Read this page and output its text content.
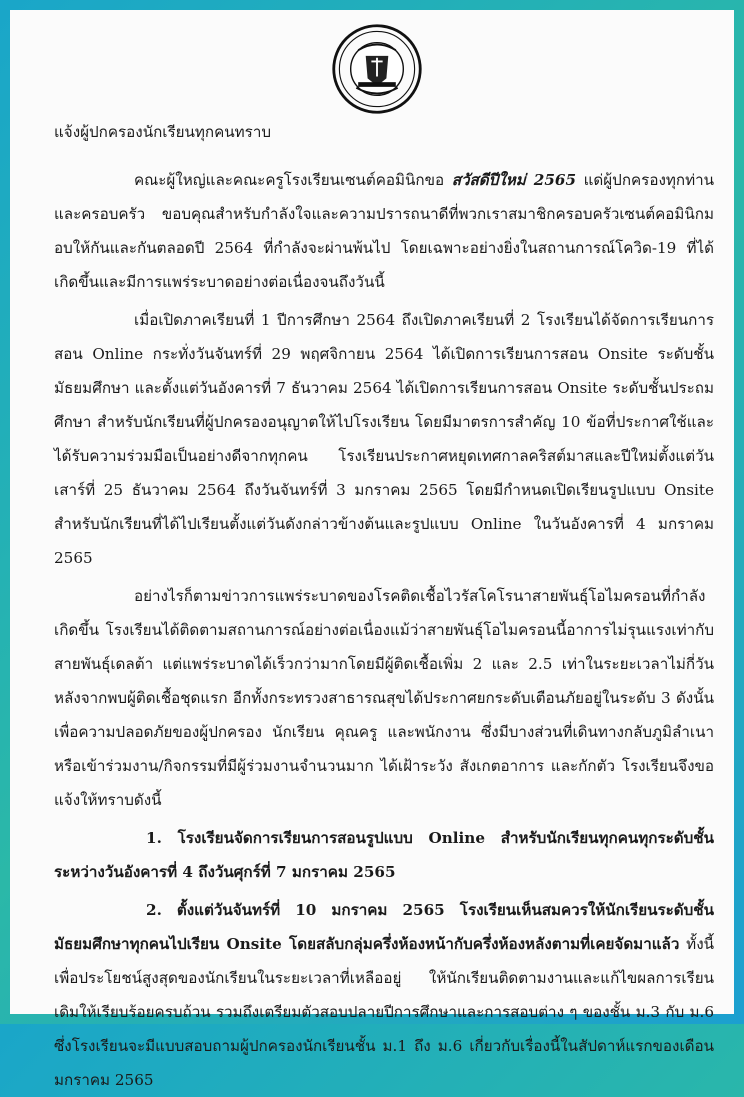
แจ้งผู้ปกครองนักเรียนทุกคนทราบ

คณะผู้ใหญ่และคณะครูโรงเรียนเซนต์คอมินิกขอ สวัสดีปีใหม่ 2565 แด่ผู้ปกครองทุกท่านและครอบครัว ขอบคุณสำหรับกำลังใจและความปรารถนาดีที่พวกเราสมาชิกครอบครัวเซนต์คอมินิกมอบให้กันและกันตลอดปี 2564 ที่กำลังจะผ่านพ้นไป โดยเฉพาะอย่างยิ่งในสถานการณ์โควิด-19 ที่ได้เกิดขึ้นและมีการแพร่ระบาดอย่างต่อเนื่องจนถึงวันนี้

เมื่อเปิดภาคเรียนที่ 1 ปีการศึกษา 2564 ถึงเปิดภาคเรียนที่ 2 โรงเรียนได้จัดการเรียนการสอน Online กระทั่งวันจันทร์ที่ 29 พฤศจิกายน 2564 ได้เปิดการเรียนการสอน Onsite ระดับชั้นมัธยมศึกษา และตั้งแต่วันอังคารที่ 7 ธันวาคม 2564 ได้เปิดการเรียนการสอน Onsite ระดับชั้นประถมศึกษา สำหรับนักเรียนที่ผู้ปกครองอนุญาตให้ไปโรงเรียน โดยมีมาตรการสำคัญ 10 ข้อที่ประกาศใช้และได้รับความร่วมมือเป็นอย่างดีจากทุกคน โรงเรียนประกาศหยุดเทศกาลคริสต์มาสและปีใหม่ตั้งแต่วันเสาร์ที่ 25 ธันวาคม 2564 ถึงวันจันทร์ที่ 3 มกราคม 2565 โดยมีกำหนดเปิดเรียนรูปแบบ Onsite สำหรับนักเรียนที่ได้ไปเรียนตั้งแต่วันดังกล่าวข้างต้นและรูปแบบ Online ในวันอังคารที่ 4 มกราคม 2565

อย่างไรก็ตามข่าวการแพร่ระบาดของโรคติดเชื้อไวรัสโคโรนาสายพันธุ์โอไมครอนที่กำลังเกิดขึ้น โรงเรียนได้ติดตามสถานการณ์อย่างต่อเนื่องแม้ว่าสายพันธุ์โอไมครอนนี้อาการไม่รุนแรงเท่ากับสายพันธุ์เดลต้า แต่แพร่ระบาดได้เร็วกว่ามากโดยมีผู้ติดเชื้อเพิ่ม 2 และ 2.5 เท่าในระยะเวลาไม่กี่วันหลังจากพบผู้ติดเชื้อชุดแรก อีกทั้งกระทรวงสาธารณสุขได้ประกาศยกระดับเตือนภัยอยู่ในระดับ 3 ดังนั้นเพื่อความปลอดภัยของผู้ปกครอง นักเรียน คุณครู และพนักงาน ซึ่งมีบางส่วนที่เดินทางกลับภูมิลำเนา หรือเข้าร่วมงาน/กิจกรรมที่มีผู้ร่วมงานจำนวนมาก ได้เฝ้าระวัง สังเกตอาการ และกักตัว โรงเรียนจึงขอแจ้งให้ทราบดังนี้

1. โรงเรียนจัดการเรียนการสอนรูปแบบ Online สำหรับนักเรียนทุกคนทุกระดับชั้นระหว่างวันอังคารที่ 4 ถึงวันศุกร์ที่ 7 มกราคม 2565

2. ตั้งแต่วันจันทร์ที่ 10 มกราคม 2565 โรงเรียนเห็นสมควรให้นักเรียนระดับชั้นมัธยมศึกษาทุกคนไปเรียน Onsite โดยสลับกลุ่มครึ่งห้องหน้ากับครึ่งห้องหลังตามที่เคยจัดมาแล้ว ทั้งนี้เพื่อประโยชน์สูงสุดของนักเรียนในระยะเวลาที่เหลืออยู่ ให้นักเรียนติดตามงานและแก้ไขผลการเรียนเดิมให้เรียบร้อยครบถ้วน รวมถึงเตรียมตัวสอบปลายปีการศึกษาและการสอบต่าง ๆ ของชั้น ม.3 กับ ม.6 ซึ่งโรงเรียนจะมีแบบสอบถามผู้ปกครองนักเรียนชั้น ม.1 ถึง ม.6 เกี่ยวกับเรื่องนี้ในสัปดาห์แรกของเดือนมกราคม 2565
